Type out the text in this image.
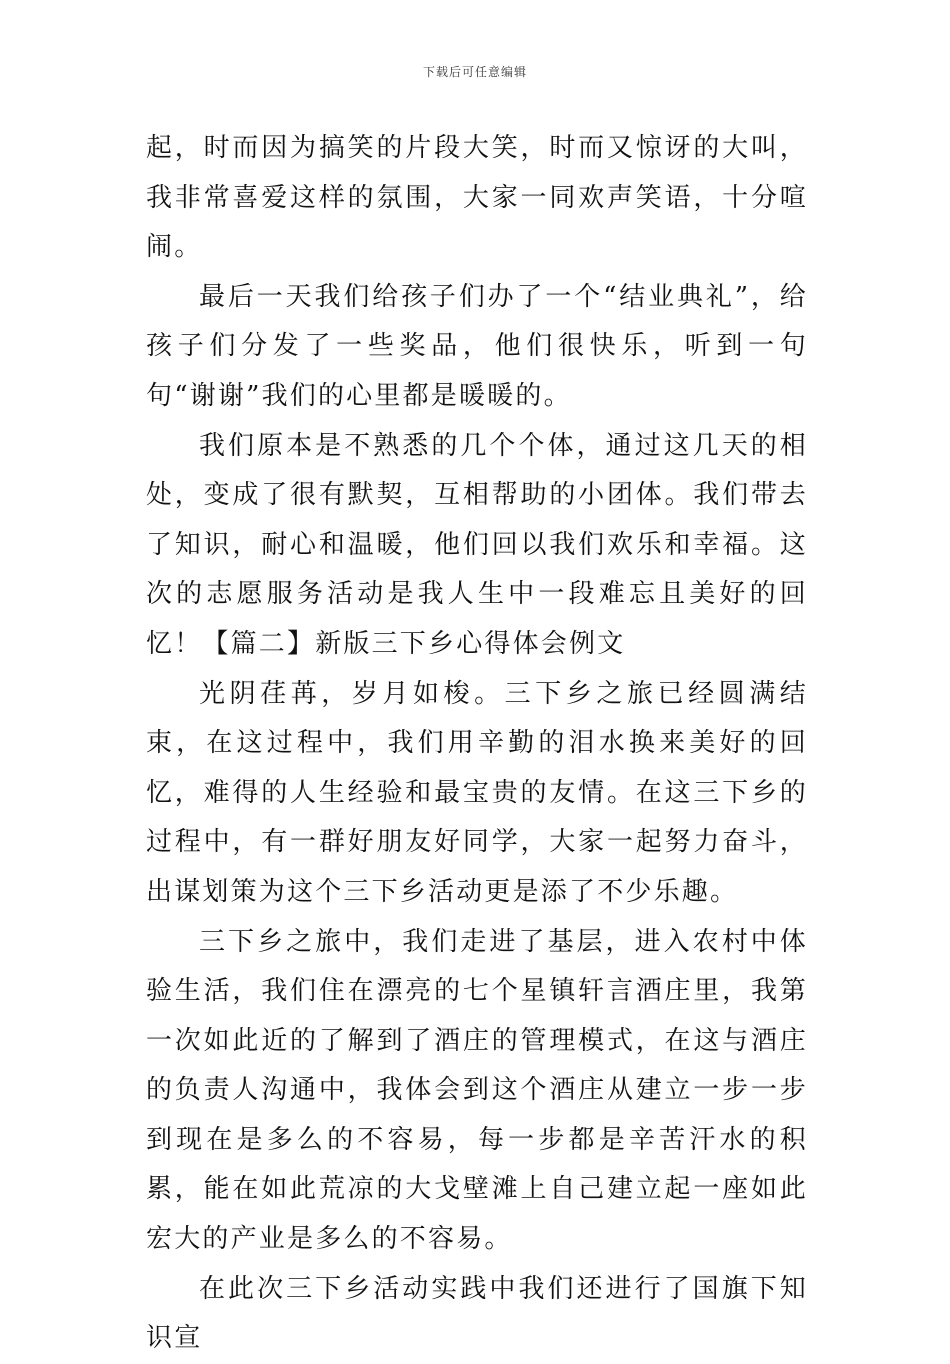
下载后可任意编辑

起，时而因为搞笑的片段大笑，时而又惊讶的大叫，我非常喜爱这样的氛围，大家一同欢声笑语，十分喧闹。

最后一天我们给孩子们办了一个“结业典礼”，给孩子们分发了一些奖品，他们很快乐，听到一句句“谢谢”我们的心里都是暖暖的。

我们原本是不熟悉的几个个体，通过这几天的相处，变成了很有默契，互相帮助的小团体。我们带去了知识，耐心和温暖，他们回以我们欢乐和幸福。这次的志愿服务活动是我人生中一段难忘且美好的回忆！【篇二】新版三下乡心得体会例文

光阴荏苒，岁月如梭。三下乡之旅已经圆满结束，在这过程中，我们用辛勤的泪水换来美好的回忆，难得的人生经验和最宝贵的友情。在这三下乡的过程中，有一群好朋友好同学，大家一起努力奋斗，出谋划策为这个三下乡活动更是添了不少乐趣。

三下乡之旅中，我们走进了基层，进入农村中体验生活，我们住在漂亮的七个星镇轩言酒庄里，我第一次如此近的了解到了酒庄的管理模式，在这与酒庄的负责人沟通中，我体会到这个酒庄从建立一步一步到现在是多么的不容易，每一步都是辛苦汗水的积累，能在如此荒凉的大戈壁滩上自己建立起一座如此宏大的产业是多么的不容易。

在此次三下乡活动实践中我们还进行了国旗下知识宣
